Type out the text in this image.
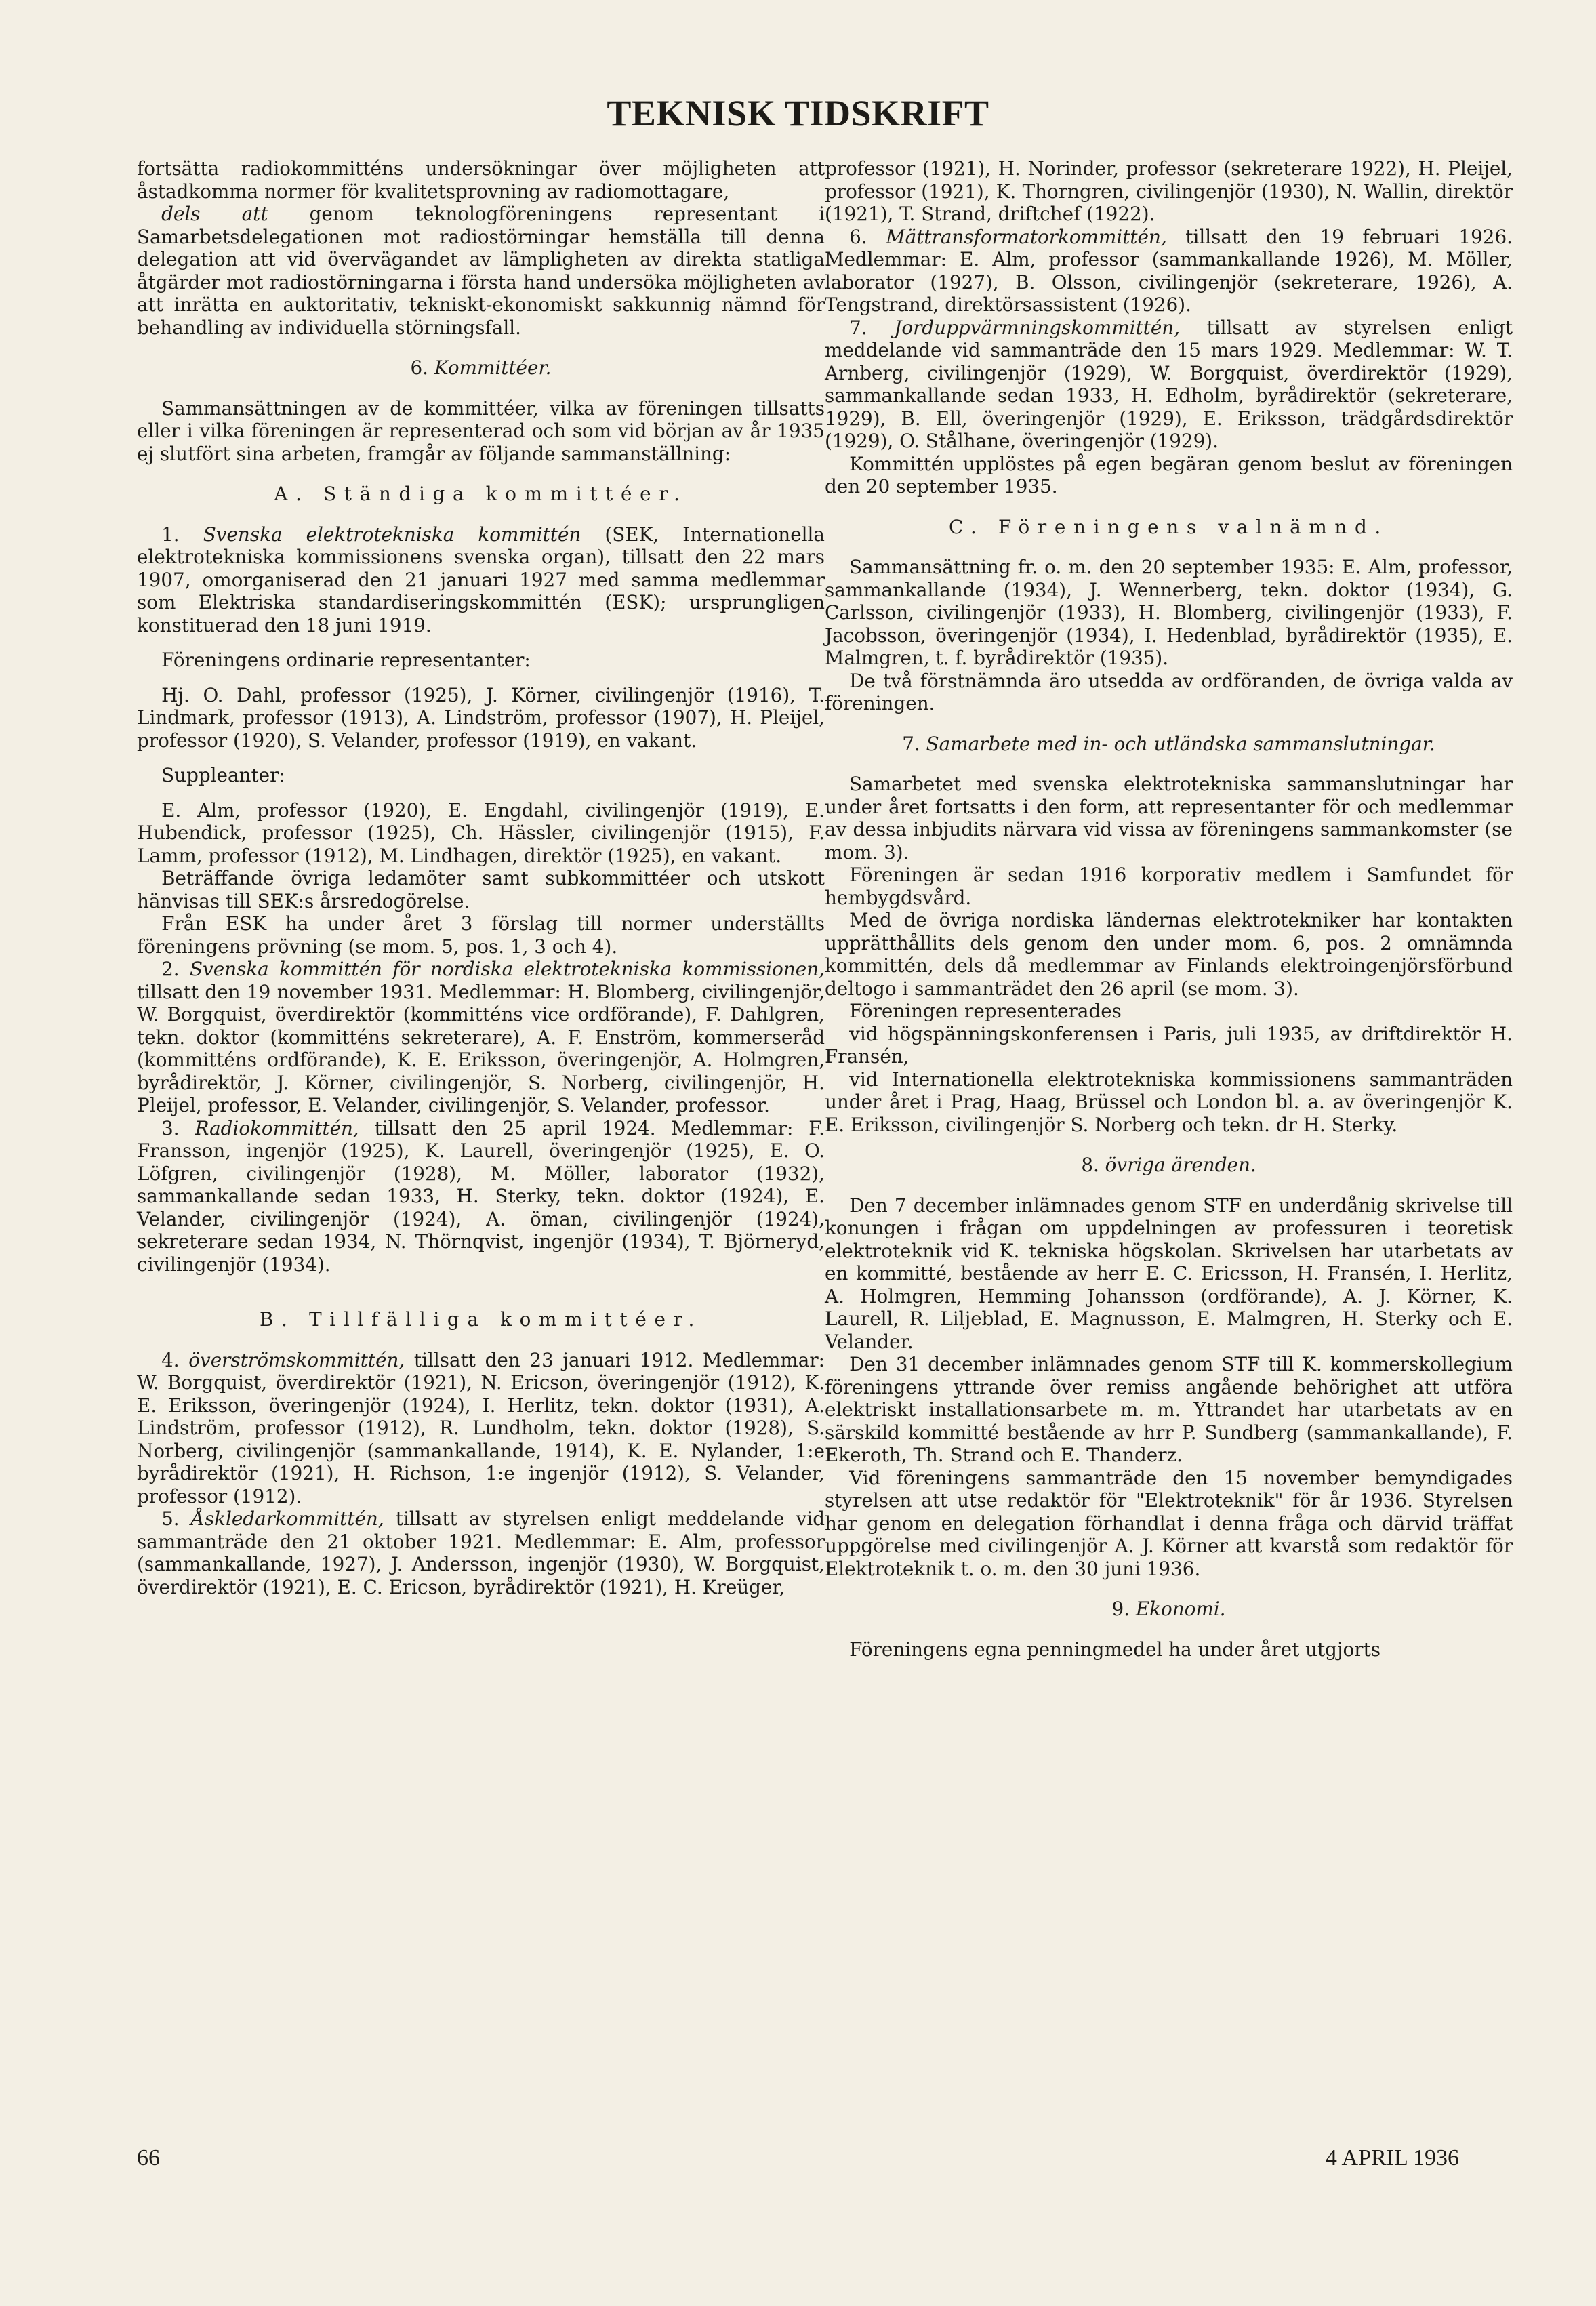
TEKNISK TIDSKRIFT

fortsätta radiokommitténs undersökningar över möjligheten att åstadkomma normer för kvalitetsprovning av radiomottagare,

dels att genom teknologföreningens representant i Samarbetsdelegationen mot radiostörningar hemställa till denna delegation att vid övervägandet av lämpligheten av direkta statliga åtgärder mot radiostörningarna i första hand undersöka möjligheten av att inrätta en auktoritativ, tekniskt-ekonomiskt sakkunnig nämnd för behandling av individuella störningsfall.

6. Kommittéer.

Sammansättningen av de kommittéer, vilka av föreningen tillsatts eller i vilka föreningen är representerad och som vid början av år 1935 ej slutfört sina arbeten, framgår av följande sammanställning:

A. Ständiga kommittéer.

1. Svenska elektrotekniska kommittén (SEK, Internationella elektrotekniska kommissionens svenska organ), tillsatt den 22 mars 1907, omorganiserad den 21 januari 1927 med samma medlemmar som Elektriska standardiseringskommittén (ESK); ursprungligen konstituerad den 18 juni 1919.

Föreningens ordinarie representanter:

Hj. O. Dahl, professor (1925), J. Körner, civilingenjör (1916), T. Lindmark, professor (1913), A. Lindström, professor (1907), H. Pleijel, professor (1920), S. Velander, professor (1919), en vakant.

Suppleanter:

E. Alm, professor (1920), E. Engdahl, civilingenjör (1919), E. Hubendick, professor (1925), Ch. Hässler, civilingenjör (1915), F. Lamm, professor (1912), M. Lindhagen, direktör (1925), en vakant.

Beträffande övriga ledamöter samt subkommittéer och utskott hänvisas till SEK:s årsredogörelse.

Från ESK ha under året 3 förslag till normer underställts föreningens prövning (se mom. 5, pos. 1, 3 och 4).

2. Svenska kommittén för nordiska elektrotekniska kommissionen, tillsatt den 19 november 1931. Medlemmar: H. Blomberg, civilingenjör, W. Borgquist, överdirektör (kommitténs vice ordförande), F. Dahlgren, tekn. doktor (kommitténs sekreterare), A. F. Enström, kommerseråd (kommitténs ordförande), K. E. Eriksson, överingenjör, A. Holmgren, byrådirektör, J. Körner, civilingenjör, S. Norberg, civilingenjör, H. Pleijel, professor, E. Velander, civilingenjör, S. Velander, professor.

3. Radiokommittén, tillsatt den 25 april 1924. Medlemmar: F. Fransson, ingenjör (1925), K. Laurell, överingenjör (1925), E. O. Löfgren, civilingenjör (1928), M. Möller, laborator (1932), sammankallande sedan 1933, H. Sterky, tekn. doktor (1924), E. Velander, civilingenjör (1924), A. öman, civilingenjör (1924), sekreterare sedan 1934, N. Thörnqvist, ingenjör (1934), T. Björneryd, civilingenjör (1934).

B. Tillfälliga kommittéer.

4. överströmskommittén, tillsatt den 23 januari 1912. Medlemmar: W. Borgquist, överdirektör (1921), N. Ericson, överingenjör (1912), K. E. Eriksson, överingenjör (1924), I. Herlitz, tekn. doktor (1931), A. Lindström, professor (1912), R. Lundholm, tekn. doktor (1928), S. Norberg, civilingenjör (sammankallande, 1914), K. E. Nylander, 1:e byrådirektör (1921), H. Richson, 1:e ingenjör (1912), S. Velander, professor (1912).

5. Åskledarkommittén, tillsatt av styrelsen enligt meddelande vid sammanträde den 21 oktober 1921. Medlemmar: E. Alm, professor (sammankallande, 1927), J. Andersson, ingenjör (1930), W. Borgquist, överdirektör (1921), E. C. Ericson, byrådirektör (1921), H. Kreüger,

professor (1921), H. Norinder, professor (sekreterare 1922), H. Pleijel, professor (1921), K. Thorngren, civilingenjör (1930), N. Wallin, direktör (1921), T. Strand, driftchef (1922).

6. Mättransformatorkommittén, tillsatt den 19 februari 1926. Medlemmar: E. Alm, professor (sammankallande 1926), M. Möller, laborator (1927), B. Olsson, civilingenjör (sekreterare, 1926), A. Tengstrand, direktörsassistent (1926).

7. Jorduppvärmningskommittén, tillsatt av styrelsen enligt meddelande vid sammanträde den 15 mars 1929. Medlemmar: W. T. Arnberg, civilingenjör (1929), W. Borgquist, överdirektör (1929), sammankallande sedan 1933, H. Edholm, byrådirektör (sekreterare, 1929), B. Ell, överingenjör (1929), E. Eriksson, trädgårdsdirektör (1929), O. Stålhane, överingenjör (1929).

Kommittén upplöstes på egen begäran genom beslut av föreningen den 20 september 1935.

C. Föreningens valnämnd.

Sammansättning fr. o. m. den 20 september 1935: E. Alm, professor, sammankallande (1934), J. Wennerberg, tekn. doktor (1934), G. Carlsson, civilingenjör (1933), H. Blomberg, civilingenjör (1933), F. Jacobsson, överingenjör (1934), I. Hedenblad, byrådirektör (1935), E. Malmgren, t. f. byrådirektör (1935).

De två förstnämnda äro utsedda av ordföranden, de övriga valda av föreningen.

7. Samarbete med in- och utländska sammanslutningar.

Samarbetet med svenska elektrotekniska sammanslutningar har under året fortsatts i den form, att representanter för och medlemmar av dessa inbjudits närvara vid vissa av föreningens sammankomster (se mom. 3).

Föreningen är sedan 1916 korporativ medlem i Samfundet för hembygdsvård.

Med de övriga nordiska ländernas elektrotekniker har kontakten upprätthållits dels genom den under mom. 6, pos. 2 omnämnda kommittén, dels då medlemmar av Finlands elektroingenjörsförbund deltogo i sammanträdet den 26 april (se mom. 3).

Föreningen representerades

vid högspänningskonferensen i Paris, juli 1935, av driftdirektör H. Fransén,

vid Internationella elektrotekniska kommissionens sammanträden under året i Prag, Haag, Brüssel och London bl. a. av överingenjör K. E. Eriksson, civilingenjör S. Norberg och tekn. dr H. Sterky.

8. övriga ärenden.

Den 7 december inlämnades genom STF en underdånig skrivelse till konungen i frågan om uppdelningen av professuren i teoretisk elektroteknik vid K. tekniska högskolan. Skrivelsen har utarbetats av en kommitté, bestående av herr E. C. Ericsson, H. Fransén, I. Herlitz, A. Holmgren, Hemming Johansson (ordförande), A. J. Körner, K. Laurell, R. Liljeblad, E. Magnusson, E. Malmgren, H. Sterky och E. Velander.

Den 31 december inlämnades genom STF till K. kommerskollegium föreningens yttrande över remiss angående behörighet att utföra elektriskt installationsarbete m. m. Yttrandet har utarbetats av en särskild kommitté bestående av hrr P. Sundberg (sammankallande), F. Ekeroth, Th. Strand och E. Thanderz.

Vid föreningens sammanträde den 15 november bemyndigades styrelsen att utse redaktör för "Elektroteknik" för år 1936. Styrelsen har genom en delegation förhandlat i denna fråga och därvid träffat uppgörelse med civilingenjör A. J. Körner att kvarstå som redaktör för Elektroteknik t. o. m. den 30 juni 1936.

9. Ekonomi.

Föreningens egna penningmedel ha under året utgjorts

66	4 APRIL 1936
